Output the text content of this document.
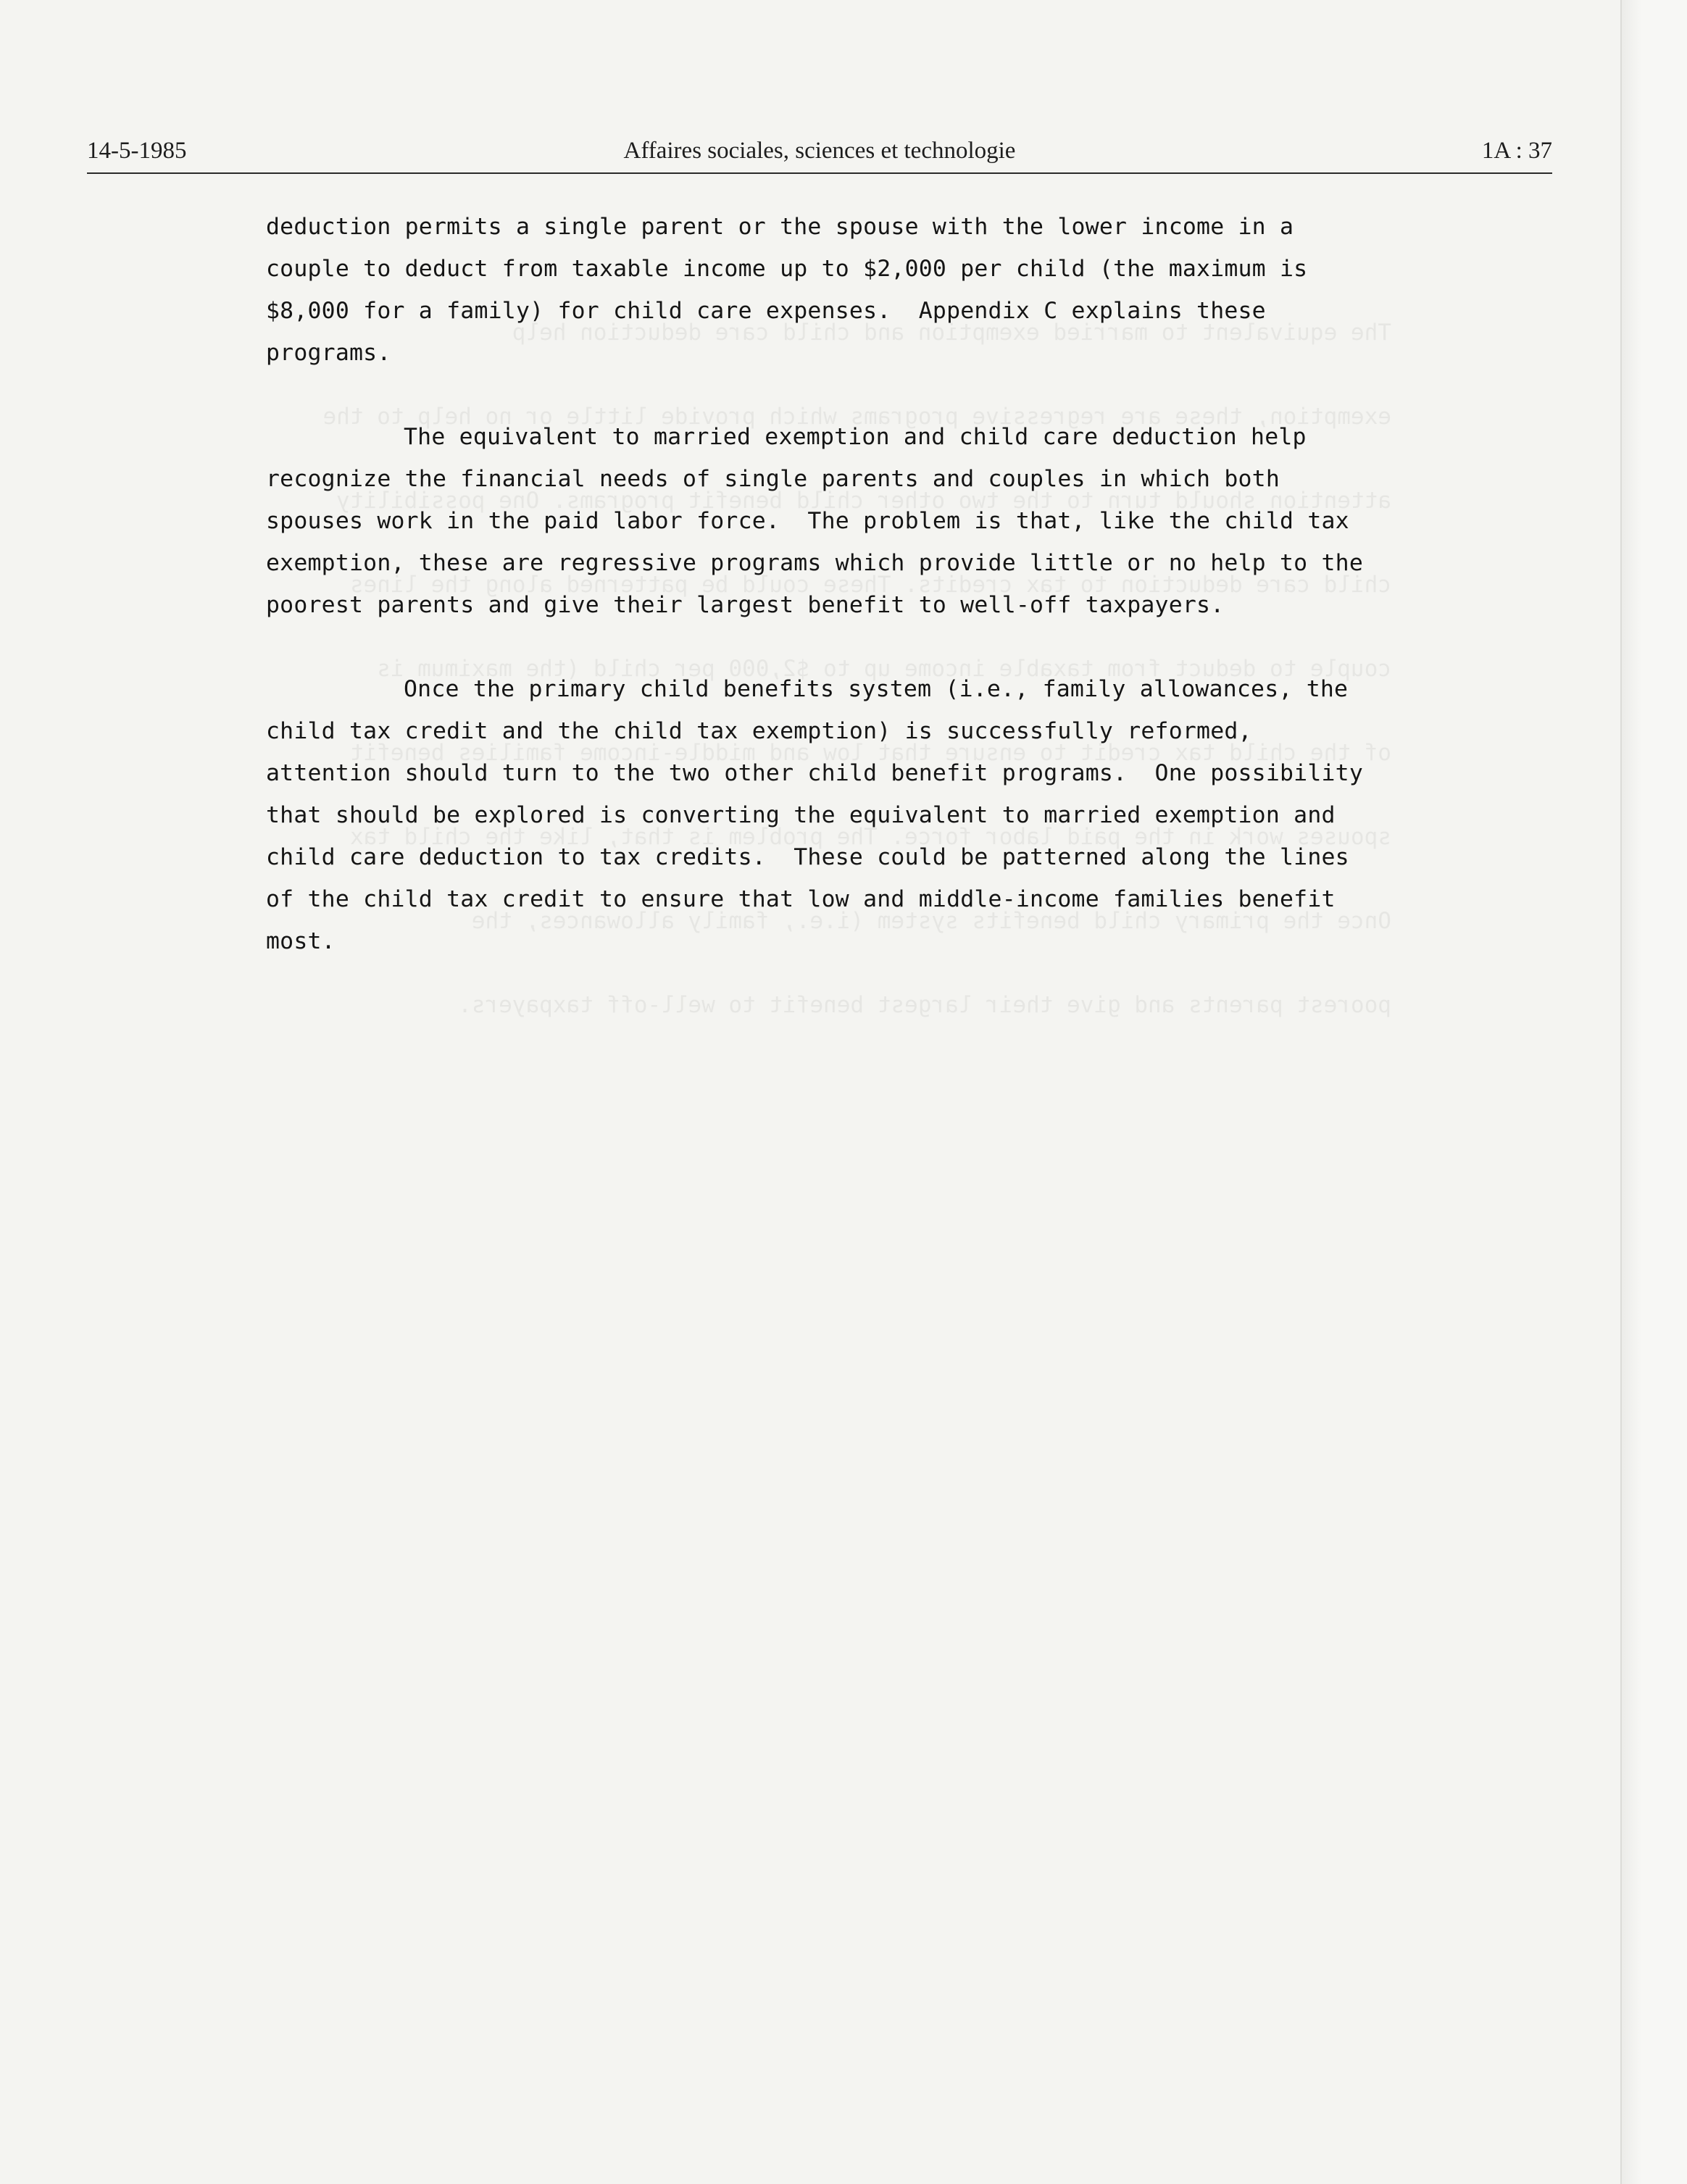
The equivalent to married exemption and child care deduction help

exemption, these are regressive programs which provide little or no help to the

attention should turn to the two other child benefit programs. One possibility

child care deduction to tax credits. These could be patterned along the lines

couple to deduct from taxable income up to $2,000 per child (the maximum is

of the child tax credit to ensure that low and middle-income families benefit

spouses work in the paid labor force. The problem is that, like the child tax

Once the primary child benefits system (i.e., family allowances, the

poorest parents and give their largest benefit to well-off taxpayers.

14-5-1985	Affaires sociales, sciences et technologie	1A : 37

deduction permits a single parent or the spouse with the lower income in a
couple to deduct from taxable income up to $2,000 per child (the maximum is
$8,000 for a family) for child care expenses.  Appendix C explains these
programs.

The equivalent to married exemption and child care deduction help
recognize the financial needs of single parents and couples in which both
spouses work in the paid labor force.  The problem is that, like the child tax
exemption, these are regressive programs which provide little or no help to the
poorest parents and give their largest benefit to well-off taxpayers.

Once the primary child benefits system (i.e., family allowances, the
child tax credit and the child tax exemption) is successfully reformed,
attention should turn to the two other child benefit programs.  One possibility
that should be explored is converting the equivalent to married exemption and
child care deduction to tax credits.  These could be patterned along the lines
of the child tax credit to ensure that low and middle-income families benefit
most.
